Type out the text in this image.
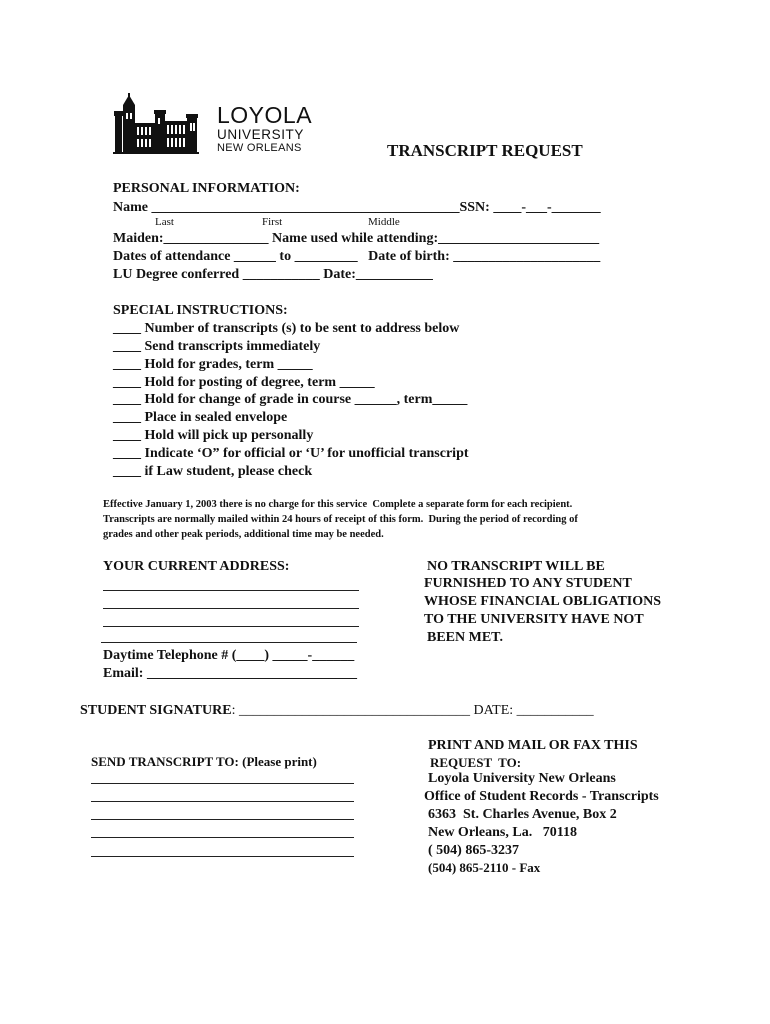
LOYOLA
UNIVERSITY
NEW ORLEANS	TRANSCRIPT REQUEST
PERSONAL INFORMATION:
Name ____________________________________________SSN: ____-___-_______
Last	First	Middle
Maiden:_______________ Name used while attending:_______________________
Dates of attendance ______ to _________   Date of birth: _____________________
LU Degree conferred ___________ Date:___________
SPECIAL INSTRUCTIONS:
____ Number of transcripts (s) to be sent to address below
____ Send transcripts immediately
____ Hold for grades, term _____
____ Hold for posting of degree, term _____
____ Hold for change of grade in course ______, term_____
____ Place in sealed envelope
____ Hold will pick up personally
____ Indicate ‘O” for official or ‘U’ for unofficial transcript
____ if Law student, please check
Effective January 1, 2003 there is no charge for this service  Complete a separate form for each recipient.
Transcripts are normally mailed within 24 hours of receipt of this form.  During the period of recording of
grades and other peak periods, additional time may be needed.
YOUR CURRENT ADDRESS:
Daytime Telephone # (____) _____-______
Email: ______________________________
NO TRANSCRIPT WILL BE
FURNISHED TO ANY STUDENT
WHOSE FINANCIAL OBLIGATIONS
TO THE UNIVERSITY HAVE NOT
BEEN MET.
STUDENT SIGNATURE: _________________________________ DATE: ___________
SEND TRANSCRIPT TO: (Please print)
PRINT AND MAIL OR FAX THIS
REQUEST  TO:
Loyola University New Orleans
Office of Student Records - Transcripts
6363  St. Charles Avenue, Box 2
New Orleans, La.   70118
( 504) 865-3237
(504) 865-2110 - Fax
